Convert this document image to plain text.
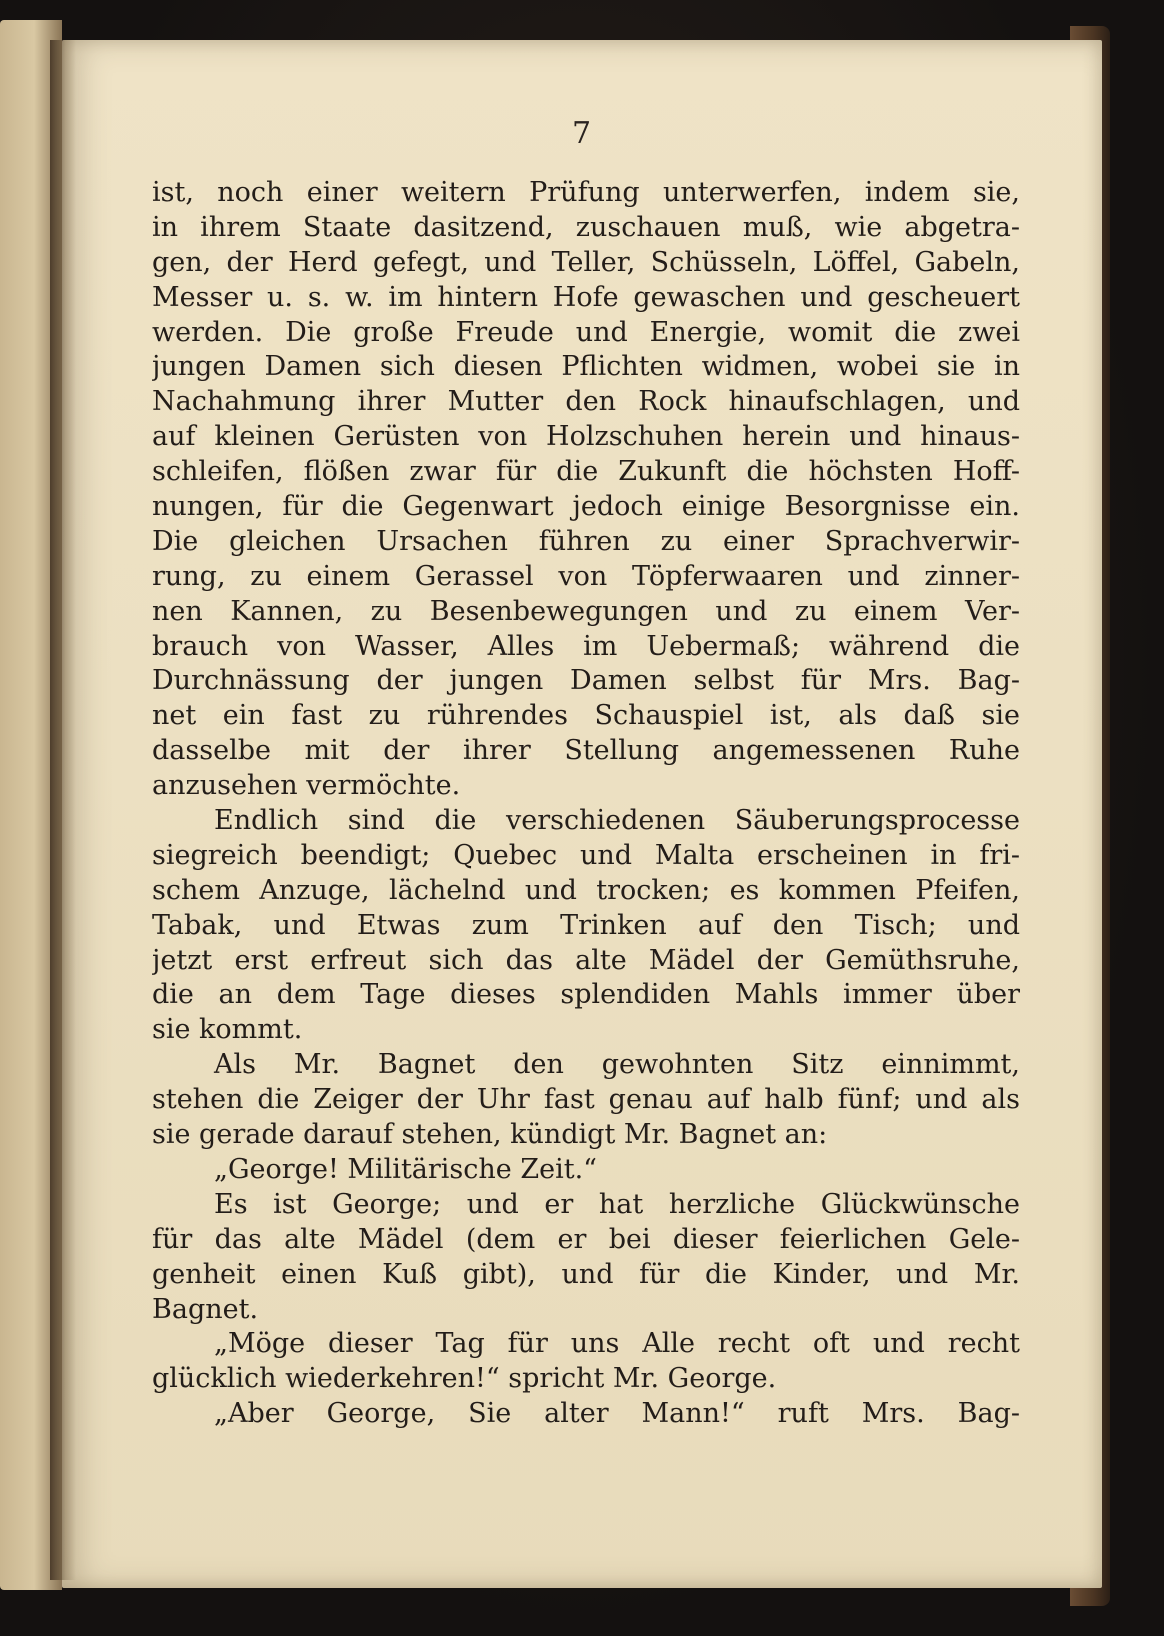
7
ist, noch einer weitern Prüfung unterwerfen, indem sie,
in ihrem Staate dasitzend, zuschauen muß, wie abgetra-
gen, der Herd gefegt, und Teller, Schüsseln, Löffel, Gabeln,
Messer u. s. w. im hintern Hofe gewaschen und gescheuert
werden. Die große Freude und Energie, womit die zwei
jungen Damen sich diesen Pflichten widmen, wobei sie in
Nachahmung ihrer Mutter den Rock hinaufschlagen, und
auf kleinen Gerüsten von Holzschuhen herein und hinaus-
schleifen, flößen zwar für die Zukunft die höchsten Hoff-
nungen, für die Gegenwart jedoch einige Besorgnisse ein.
Die gleichen Ursachen führen zu einer Sprachverwir-
rung, zu einem Gerassel von Töpferwaaren und zinner-
nen Kannen, zu Besenbewegungen und zu einem Ver-
brauch von Wasser, Alles im Uebermaß; während die
Durchnässung der jungen Damen selbst für Mrs. Bag-
net ein fast zu rührendes Schauspiel ist, als daß sie
dasselbe mit der ihrer Stellung angemessenen Ruhe
anzusehen vermöchte.
Endlich sind die verschiedenen Säuberungsprocesse
siegreich beendigt; Quebec und Malta erscheinen in fri-
schem Anzuge, lächelnd und trocken; es kommen Pfeifen,
Tabak, und Etwas zum Trinken auf den Tisch; und
jetzt erst erfreut sich das alte Mädel der Gemüthsruhe,
die an dem Tage dieses splendiden Mahls immer über
sie kommt.
Als Mr. Bagnet den gewohnten Sitz einnimmt,
stehen die Zeiger der Uhr fast genau auf halb fünf; und als
sie gerade darauf stehen, kündigt Mr. Bagnet an:
„George! Militärische Zeit.“
Es ist George; und er hat herzliche Glückwünsche
für das alte Mädel (dem er bei dieser feierlichen Gele-
genheit einen Kuß gibt), und für die Kinder, und Mr.
Bagnet.
„Möge dieser Tag für uns Alle recht oft und recht
glücklich wiederkehren!“ spricht Mr. George.
„Aber George, Sie alter Mann!“ ruft Mrs. Bag-
